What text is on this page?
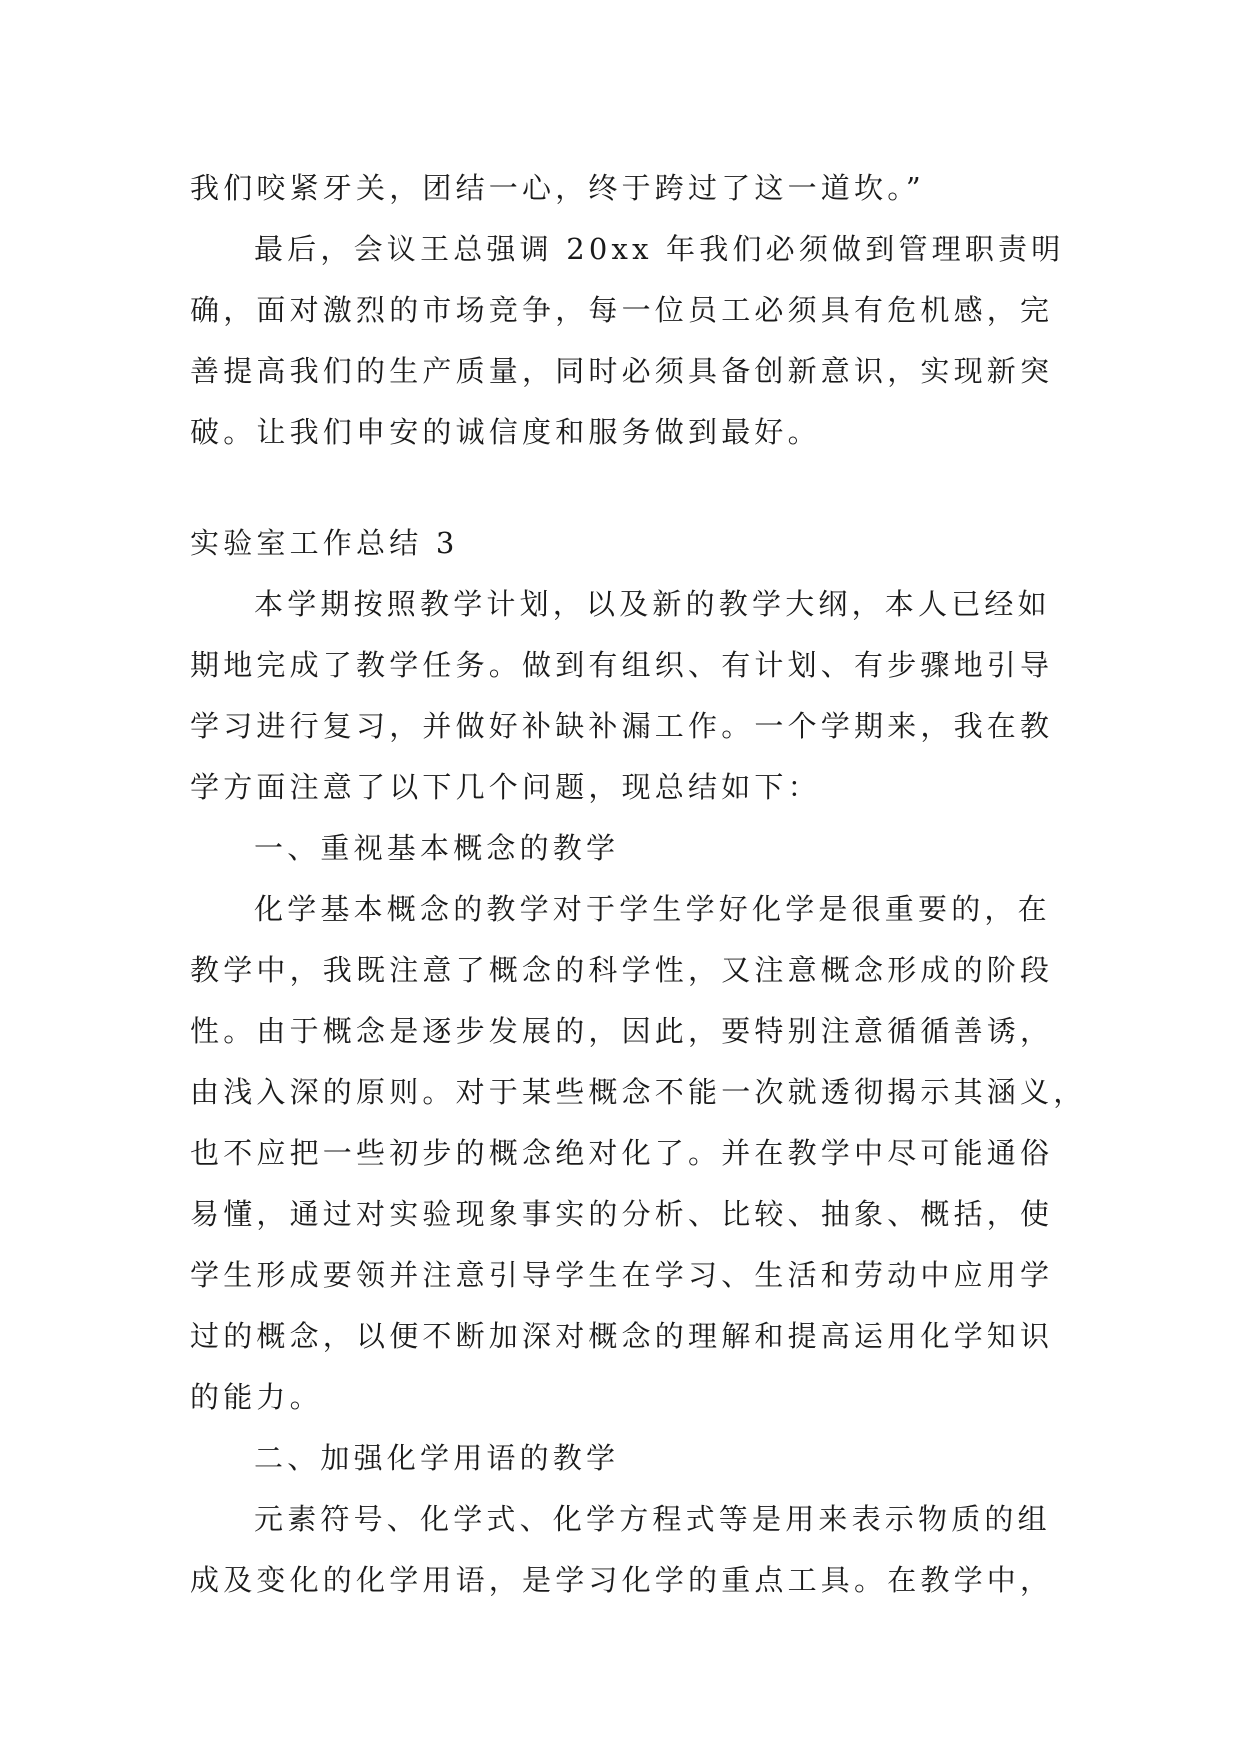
我们咬紧牙关，团结一心，终于跨过了这一道坎。”
最后，会议王总强调 20xx 年我们必须做到管理职责明
确，面对激烈的市场竞争，每一位员工必须具有危机感，完
善提高我们的生产质量，同时必须具备创新意识，实现新突
破。让我们申安的诚信度和服务做到最好。
实验室工作总结 3
本学期按照教学计划，以及新的教学大纲，本人已经如
期地完成了教学任务。做到有组织、有计划、有步骤地引导
学习进行复习，并做好补缺补漏工作。一个学期来，我在教
学方面注意了以下几个问题，现总结如下：
一、重视基本概念的教学
化学基本概念的教学对于学生学好化学是很重要的，在
教学中，我既注意了概念的科学性，又注意概念形成的阶段
性。由于概念是逐步发展的，因此，要特别注意循循善诱，
由浅入深的原则。对于某些概念不能一次就透彻揭示其涵义，
也不应把一些初步的概念绝对化了。并在教学中尽可能通俗
易懂，通过对实验现象事实的分析、比较、抽象、概括，使
学生形成要领并注意引导学生在学习、生活和劳动中应用学
过的概念，以便不断加深对概念的理解和提高运用化学知识
的能力。
二、加强化学用语的教学
元素符号、化学式、化学方程式等是用来表示物质的组
成及变化的化学用语，是学习化学的重点工具。在教学中，
